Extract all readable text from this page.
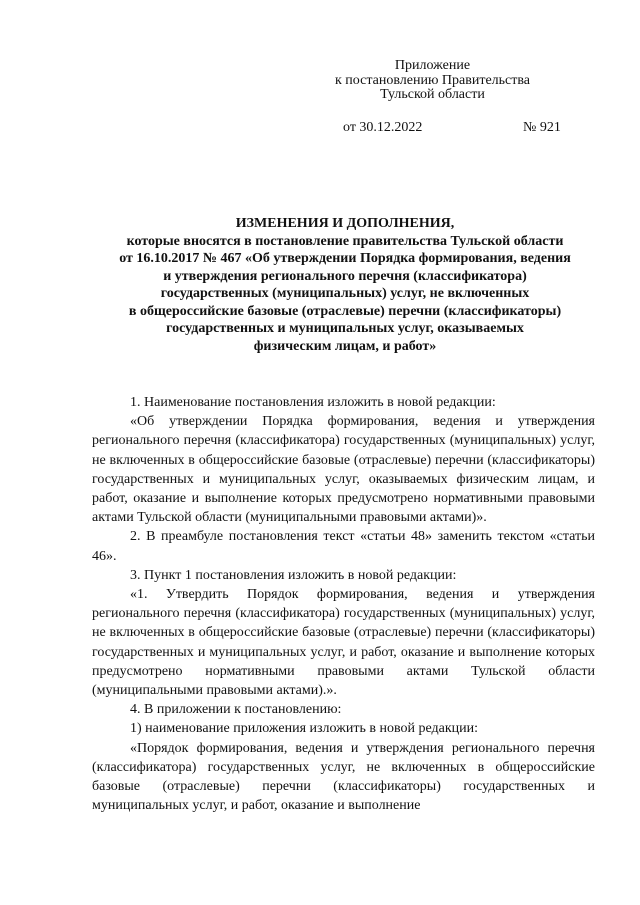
Приложение
к постановлению Правительства
Тульской области
от 30.12.2022	№ 921
ИЗМЕНЕНИЯ И ДОПОЛНЕНИЯ,
которые вносятся в постановление правительства Тульской области
от 16.10.2017 № 467 «Об утверждении Порядка формирования, ведения
и утверждения регионального перечня (классификатора)
государственных (муниципальных) услуг, не включенных
в общероссийские базовые (отраслевые) перечни (классификаторы)
государственных и муниципальных услуг, оказываемых
физическим лицам, и работ»

1. Наименование постановления изложить в новой редакции:

«Об утверждении Порядка формирования, ведения и утверждения регионального перечня (классификатора) государственных (муниципальных) услуг, не включенных в общероссийские базовые (отраслевые) перечни (классификаторы) государственных и муниципальных услуг, оказываемых физическим лицам, и работ, оказание и выполнение которых предусмотрено нормативными правовыми актами Тульской области (муниципальными правовыми актами)».

2. В преамбуле постановления текст «статьи 48» заменить текстом «статьи 46».

3. Пункт 1 постановления изложить в новой редакции:

«1. Утвердить Порядок формирования, ведения и утверждения регионального перечня (классификатора) государственных (муниципальных) услуг, не включенных в общероссийские базовые (отраслевые) перечни (классификаторы) государственных и муниципальных услуг, и работ, оказание и выполнение которых предусмотрено нормативными правовыми актами Тульской области (муниципальными правовыми актами).».

4. В приложении к постановлению:

1) наименование приложения изложить в новой редакции:

«Порядок формирования, ведения и утверждения регионального перечня (классификатора) государственных услуг, не включенных в общероссийские базовые (отраслевые) перечни (классификаторы) государственных и муниципальных услуг, и работ, оказание и выполнение
